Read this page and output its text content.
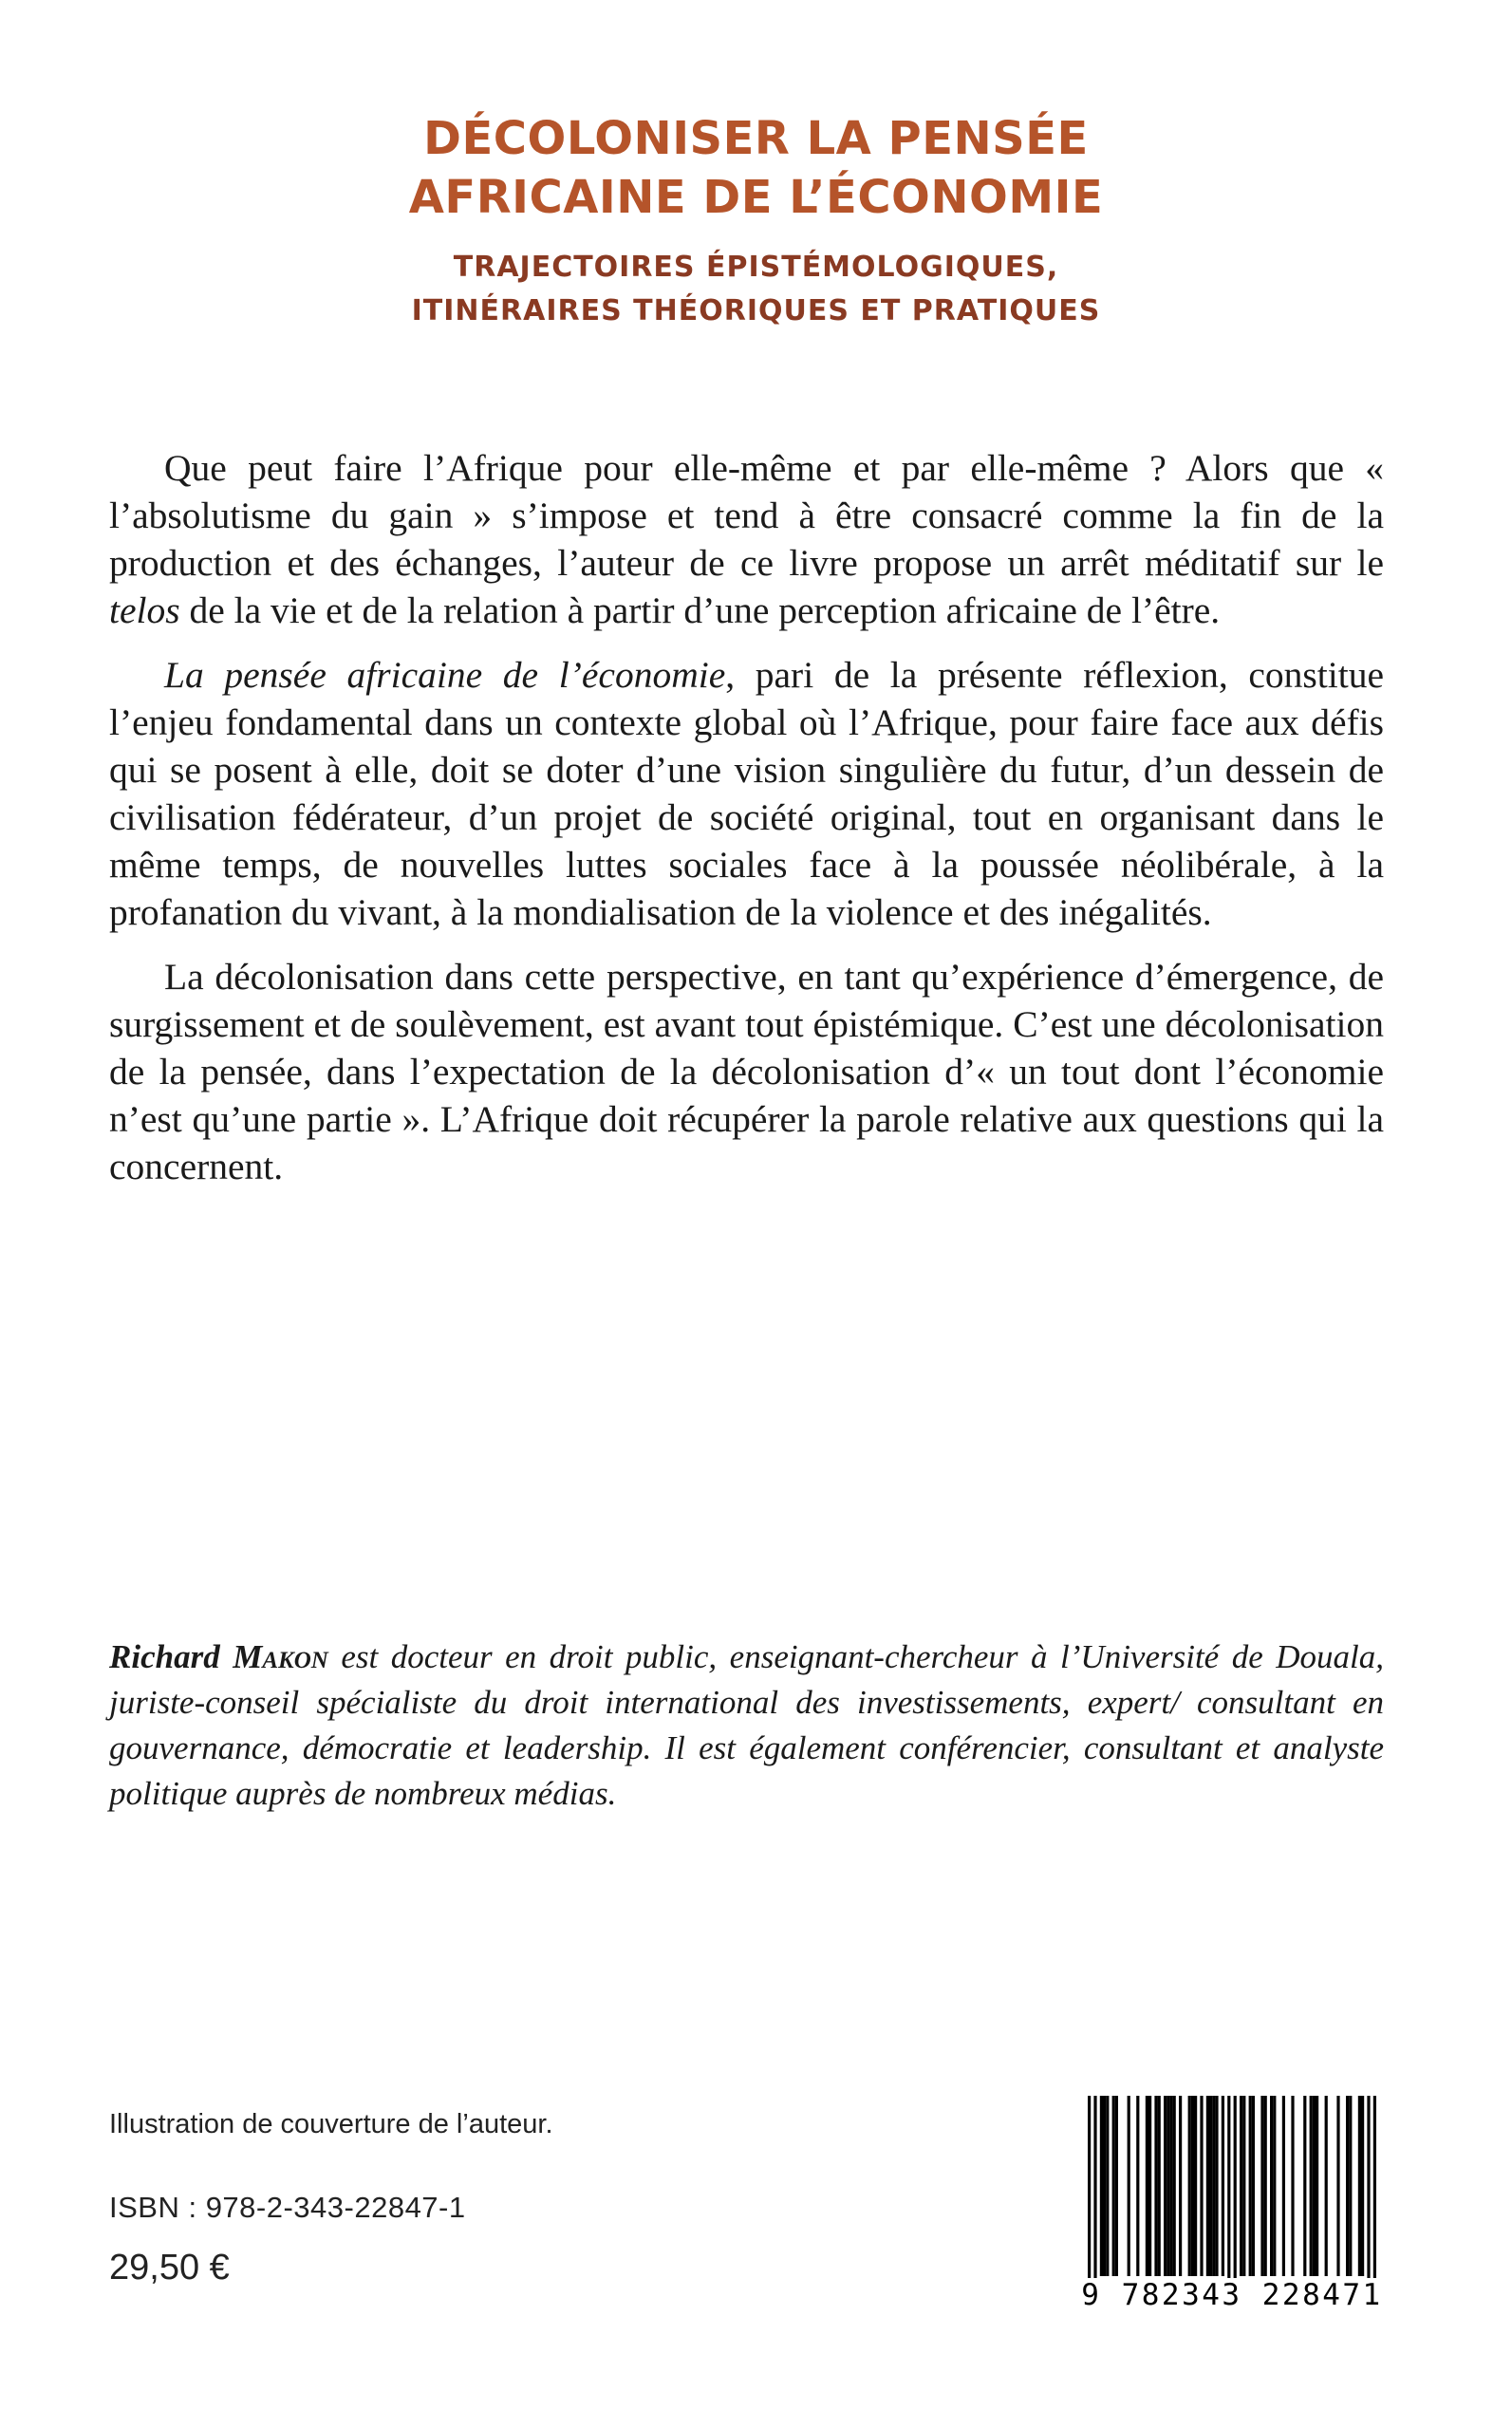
DÉCOLONISER LA PENSÉE
AFRICAINE DE L’ÉCONOMIE
TRAJECTOIRES ÉPISTÉMOLOGIQUES,
ITINÉRAIRES THÉORIQUES ET PRATIQUES

Que peut faire l’Afrique pour elle-même et par elle-même ? Alors que « l’absolutisme du gain » s’impose et tend à être consacré comme la fin de la production et des échanges, l’auteur de ce livre propose un arrêt méditatif sur le telos de la vie et de la relation à partir d’une perception africaine de l’être.

La pensée africaine de l’économie, pari de la présente réflexion, constitue l’enjeu fondamental dans un contexte global où l’Afrique, pour faire face aux défis qui se posent à elle, doit se doter d’une vision singulière du futur, d’un dessein de civilisation fédérateur, d’un projet de société original, tout en organisant dans le même temps, de nouvelles luttes sociales face à la poussée néolibérale, à la profanation du vivant, à la mondialisation de la violence et des inégalités.

La décolonisation dans cette perspective, en tant qu’expérience d’émergence, de surgissement et de soulèvement, est avant tout épistémique. C’est une décolonisation de la pensée, dans l’expectation de la décolonisation d’« un tout dont l’économie n’est qu’une partie ». L’Afrique doit récupérer la parole relative aux questions qui la concernent.

Richard Makon est docteur en droit public, enseignant-chercheur à l’Université de Douala, juriste-conseil spécialiste du droit international des investissements, expert/ consultant en gouvernance, démocratie et leadership. Il est également conférencier, consultant et analyste politique auprès de nombreux médias.

Illustration de couverture de l’auteur.
ISBN : 978-2-343-22847-1
29,50 €
9 782343 228471
